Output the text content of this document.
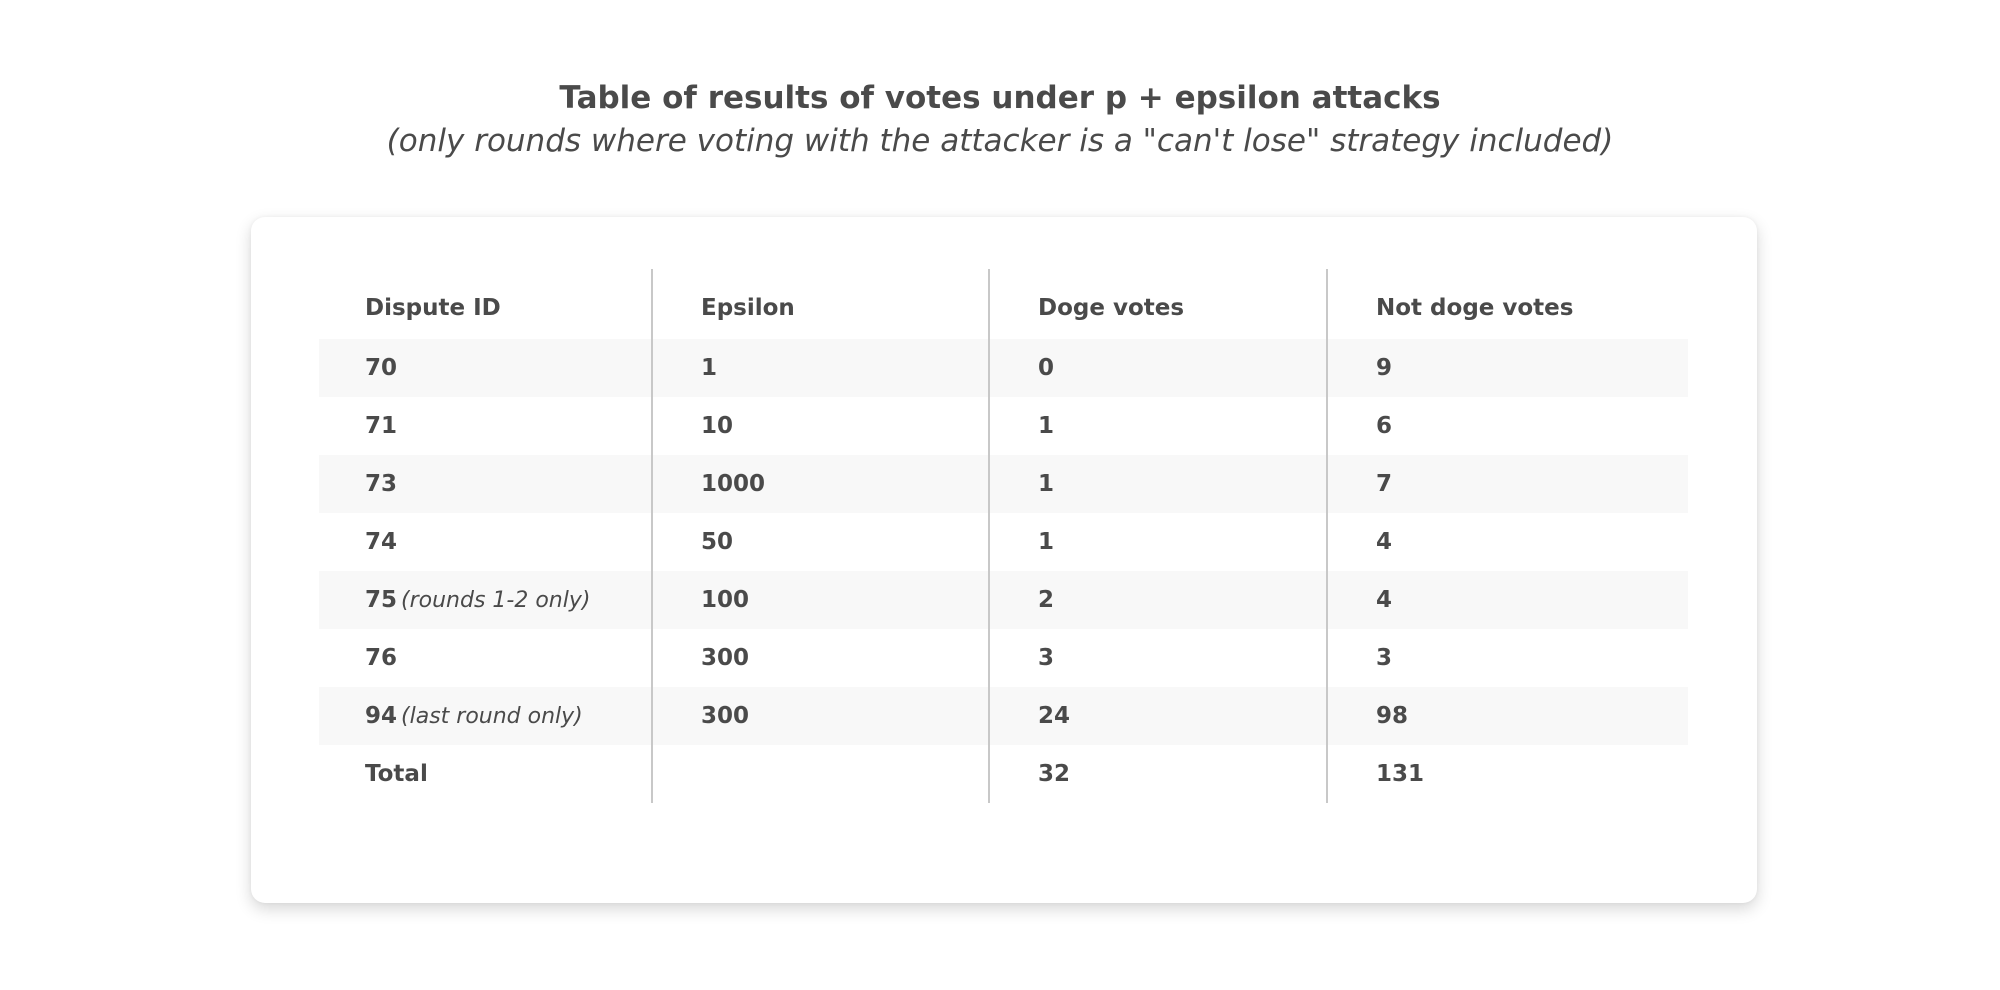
Table of results of votes under p + epsilon attacks
(only rounds where voting with the attacker is a "can't lose" strategy included)
Dispute ID	Epsilon	Doge votes	Not doge votes
70	1	0	9
71	10	1	6
73	1000	1	7
74	50	1	4
75 (rounds 1-2 only)	100	2	4
76	300	3	3
94 (last round only)	300	24	98
Total		32	131
